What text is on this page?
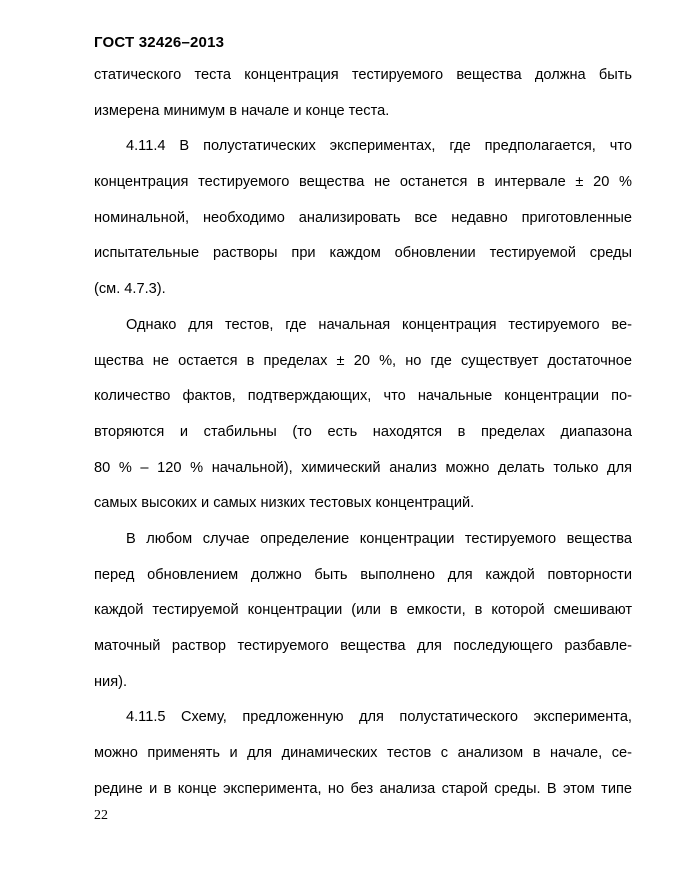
ГОСТ 32426–2013
статического теста концентрация тестируемого вещества должна быть
измерена минимум в начале и конце теста.
4.11.4 В полустатических экспериментах, где предполагается, что
концентрация тестируемого вещества не останется в интервале ± 20 %
номинальной, необходимо анализировать все недавно приготовленные
испытательные растворы при каждом обновлении тестируемой среды
(см. 4.7.3).
Однако для тестов, где начальная концентрация тестируемого ве-
щества не остается в пределах ± 20 %, но где существует достаточное
количество фактов, подтверждающих, что начальные концентрации по-
вторяются и стабильны (то есть находятся в пределах диапазона
80 % – 120 % начальной), химический анализ можно делать только для
самых высоких и самых низких тестовых концентраций.
В любом случае определение концентрации тестируемого вещества
перед обновлением должно быть выполнено для каждой повторности
каждой тестируемой концентрации (или в емкости, в которой смешивают
маточный раствор тестируемого вещества для последующего разбавле-
ния).
4.11.5 Схему, предложенную для полустатического эксперимента,
можно применять и для динамических тестов с анализом в начале, се-
редине и в конце эксперимента, но без анализа старой среды. В этом типе
22
